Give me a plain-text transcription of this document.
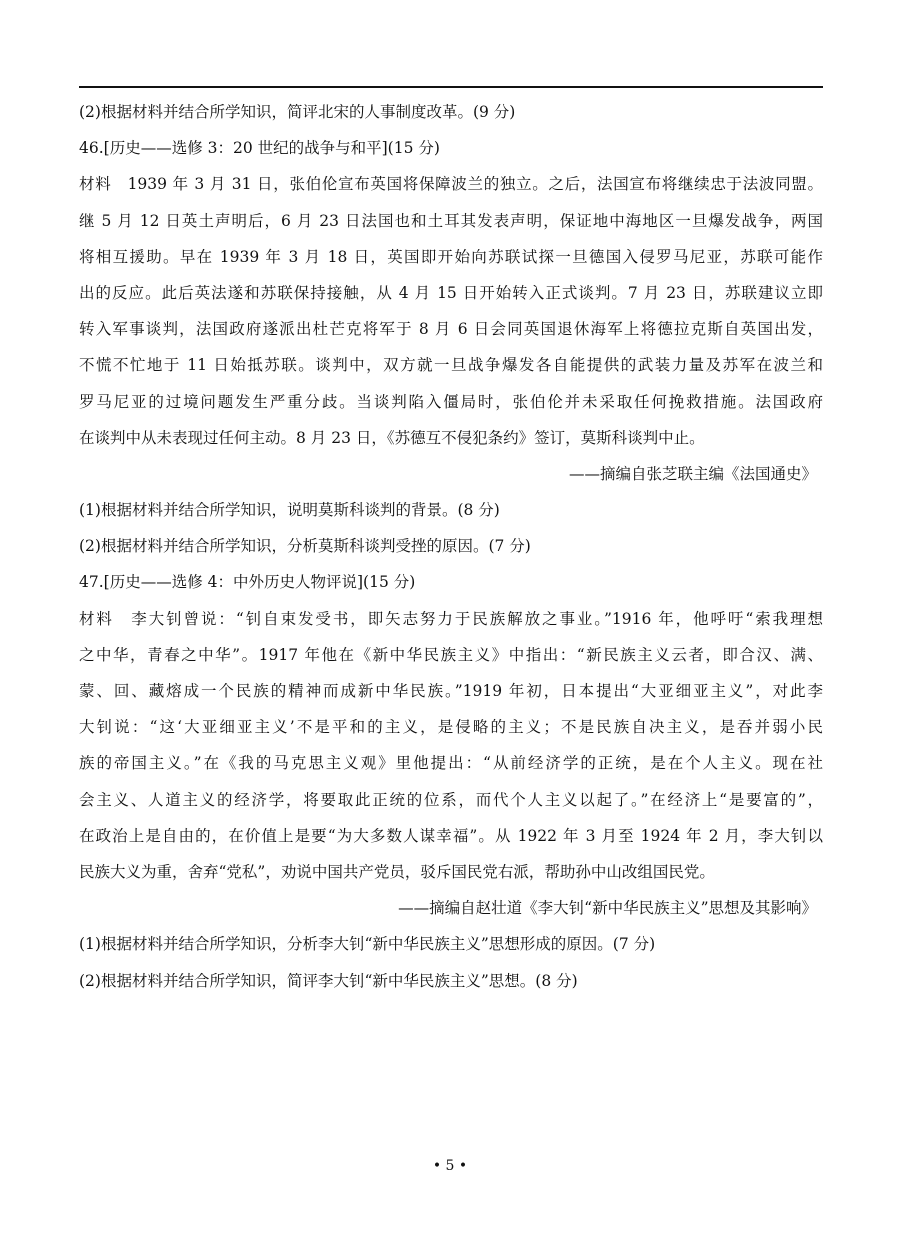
(2)根据材料并结合所学知识，简评北宋的人事制度改革。(9 分)
46.[历史——选修 3：20 世纪的战争与和平](15 分)
材料　1939 年 3 月 31 日，张伯伦宣布英国将保障波兰的独立。之后，法国宣布将继续忠于法波同盟。
继 5 月 12 日英土声明后，6 月 23 日法国也和土耳其发表声明，保证地中海地区一旦爆发战争，两国
将相互援助。早在 1939 年 3 月 18 日，英国即开始向苏联试探一旦德国入侵罗马尼亚，苏联可能作
出的反应。此后英法遂和苏联保持接触，从 4 月 15 日开始转入正式谈判。7 月 23 日，苏联建议立即
转入军事谈判，法国政府遂派出杜芒克将军于 8 月 6 日会同英国退休海军上将德拉克斯自英国出发，
不慌不忙地于 11 日始抵苏联。谈判中，双方就一旦战争爆发各自能提供的武装力量及苏军在波兰和
罗马尼亚的过境问题发生严重分歧。当谈判陷入僵局时，张伯伦并未采取任何挽救措施。法国政府
在谈判中从未表现过任何主动。8 月 23 日，《苏德互不侵犯条约》签订，莫斯科谈判中止。
——摘编自张芝联主编《法国通史》
(1)根据材料并结合所学知识，说明莫斯科谈判的背景。(8 分)
(2)根据材料并结合所学知识，分析莫斯科谈判受挫的原因。(7 分)
47.[历史——选修 4：中外历史人物评说](15 分)
材料　李大钊曾说：“钊自束发受书，即矢志努力于民族解放之事业。”1916 年，他呼吁“索我理想
之中华，青春之中华”。1917 年他在《新中华民族主义》中指出：“新民族主义云者，即合汉、满、
蒙、回、藏熔成一个民族的精神而成新中华民族。”1919 年初，日本提出“大亚细亚主义”，对此李
大钊说：“这‘大亚细亚主义’不是平和的主义，是侵略的主义；不是民族自决主义，是吞并弱小民
族的帝国主义。”在《我的马克思主义观》里他提出：“从前经济学的正统，是在个人主义。现在社
会主义、人道主义的经济学，将要取此正统的位系，而代个人主义以起了。”在经济上“是要富的”，
在政治上是自由的，在价值上是要“为大多数人谋幸福”。从 1922 年 3 月至 1924 年 2 月，李大钊以
民族大义为重，舍弃“党私”，劝说中国共产党员，驳斥国民党右派，帮助孙中山改组国民党。
——摘编自赵壮道《李大钊“新中华民族主义”思想及其影响》
(1)根据材料并结合所学知识，分析李大钊“新中华民族主义”思想形成的原因。(7 分)
(2)根据材料并结合所学知识，简评李大钊“新中华民族主义”思想。(8 分)
• 5 •
